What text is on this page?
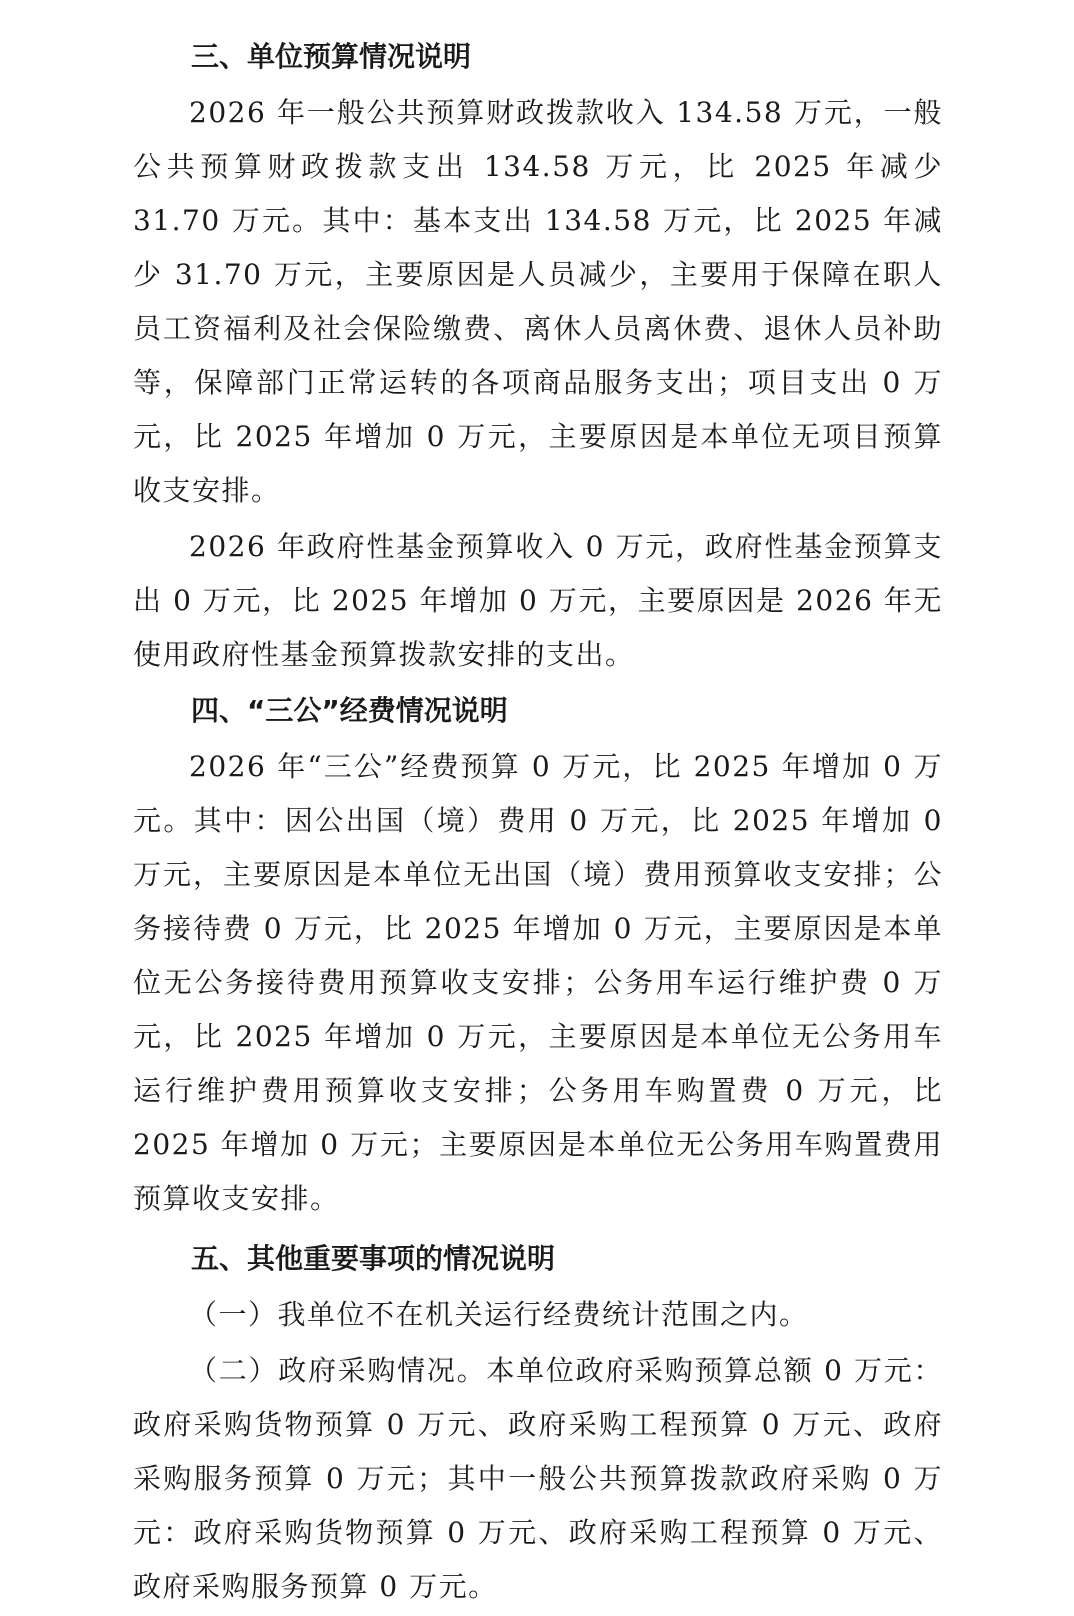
三、单位预算情况说明

2026 年一般公共预算财政拨款收入 134.58 万元，一般公共预算财政拨款支出 134.58 万元，比 2025 年减少 31.70 万元。其中：基本支出 134.58 万元，比 2025 年减少 31.70 万元，主要原因是人员减少，主要用于保障在职人员工资福利及社会保险缴费、离休人员离休费、退休人员补助等，保障部门正常运转的各项商品服务支出；项目支出 0 万元，比 2025 年增加 0 万元，主要原因是本单位无项目预算收支安排。

2026 年政府性基金预算收入 0 万元，政府性基金预算支出 0 万元，比 2025 年增加 0 万元，主要原因是 2026 年无使用政府性基金预算拨款安排的支出。

四、“三公”经费情况说明

2026 年“三公”经费预算 0 万元，比 2025 年增加 0 万元。其中：因公出国（境）费用 0 万元，比 2025 年增加 0 万元，主要原因是本单位无出国（境）费用预算收支安排；公务接待费 0 万元，比 2025 年增加 0 万元，主要原因是本单位无公务接待费用预算收支安排；公务用车运行维护费 0 万元，比 2025 年增加 0 万元，主要原因是本单位无公务用车运行维护费用预算收支安排；公务用车购置费 0 万元，比 2025 年增加 0 万元；主要原因是本单位无公务用车购置费用预算收支安排。

五、其他重要事项的情况说明

（一）我单位不在机关运行经费统计范围之内。

（二）政府采购情况。本单位政府采购预算总额 0 万元：政府采购货物预算 0 万元、政府采购工程预算 0 万元、政府采购服务预算 0 万元；其中一般公共预算拨款政府采购 0 万元：政府采购货物预算 0 万元、政府采购工程预算 0 万元、政府采购服务预算 0 万元。
